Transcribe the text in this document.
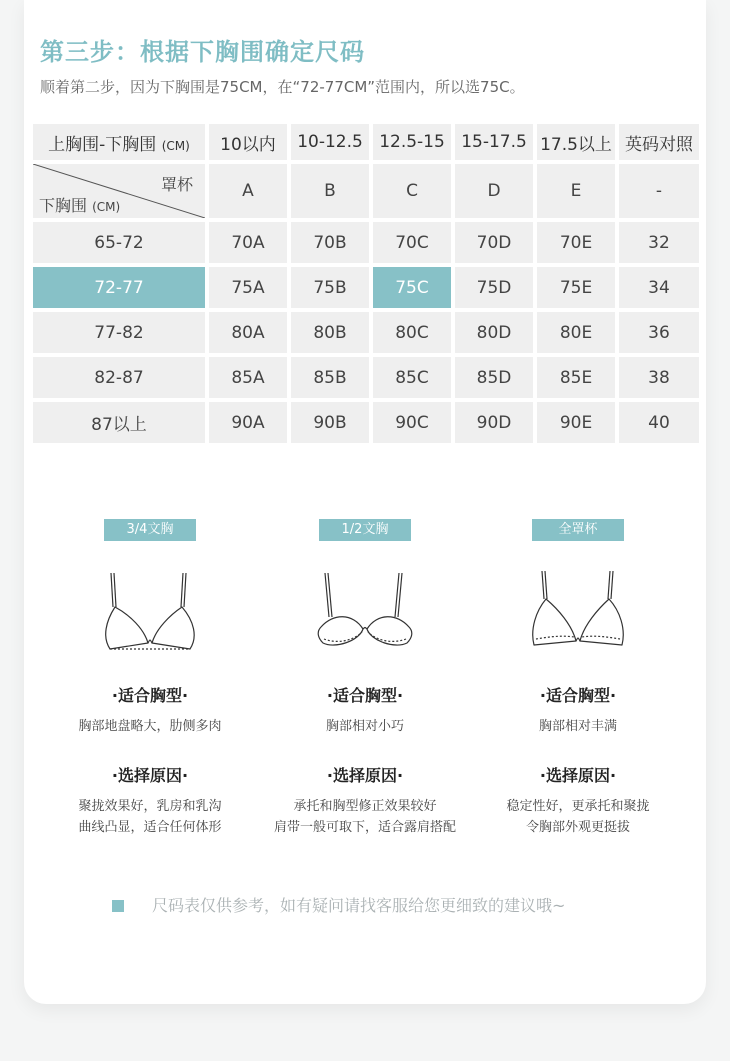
第三步：根据下胸围确定尺码
顺着第二步，因为下胸围是75CM，在“72-77CM”范围内，所以选75C。
上胸围-下胸围 (CM)	10以内	10-12.5	12.5-15	15-17.5	17.5以上	英码对照

罩杯
下胸围 (CM)	A	B	C	D	E	-
65-72	70A	70B	70C	70D	70E	32
72-77	75A	75B	75C	75D	75E	34
77-82	80A	80B	80C	80D	80E	36
82-87	85A	85B	85C	85D	85E	38
87以上	90A	90B	90C	90D	90E	40
3/4文胸
·适合胸型·
胸部地盘略大，肋侧多肉
·选择原因·
聚拢效果好，乳房和乳沟
曲线凸显，适合任何体形
1/2文胸
·适合胸型·
胸部相对小巧
·选择原因·
承托和胸型修正效果较好
肩带一般可取下，适合露肩搭配
全罩杯
·适合胸型·
胸部相对丰满
·选择原因·
稳定性好，更承托和聚拢
令胸部外观更挺拔
尺码表仅供参考，如有疑问请找客服给您更细致的建议哦~
